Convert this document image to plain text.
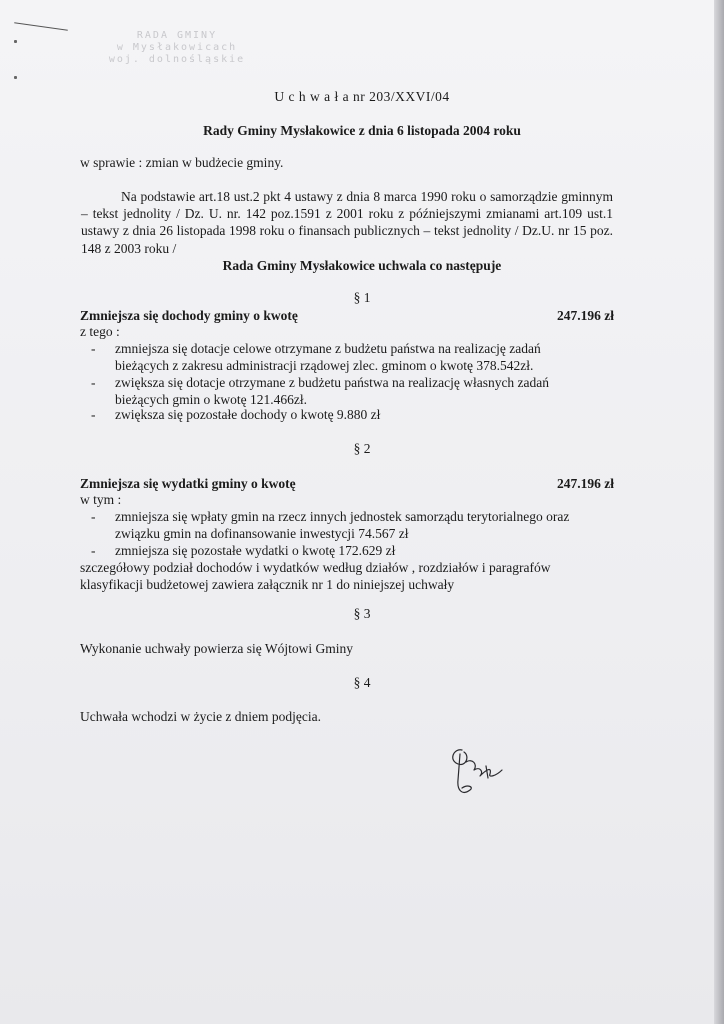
RADA GMINY
w Mysłakowicach
woj. dolnośląskie
U c h w a ł a nr 203/XXVI/04
Rady Gminy Mysłakowice z dnia 6 listopada 2004 roku
w sprawie : zmian w budżecie gminy.
Na podstawie art.18 ust.2 pkt 4 ustawy z dnia 8 marca 1990 roku o samorządzie gminnym – tekst jednolity / Dz. U. nr. 142 poz.1591 z 2001 roku z późniejszymi zmianami art.109 ust.1 ustawy z dnia 26 listopada 1998 roku o finansach publicznych – tekst jednolity / Dz.U. nr 15 poz. 148 z 2003 roku /
Rada Gminy Mysłakowice uchwala co następuje
§ 1
Zmniejsza się dochody gminy o kwotę	247.196 zł
z tego :
- zmniejsza się dotacje celowe otrzymane z budżetu państwa na realizację zadań bieżących z zakresu administracji rządowej zlec. gminom o kwotę 378.542zł.
- zwiększa się dotacje otrzymane z budżetu państwa na realizację własnych zadań bieżących gmin o kwotę 121.466zł.
- zwiększa się pozostałe dochody o kwotę 9.880 zł
§ 2
Zmniejsza się wydatki gminy o kwotę	247.196 zł
w tym :
- zmniejsza się wpłaty gmin na rzecz innych jednostek samorządu terytorialnego oraz związku gmin na dofinansowanie inwestycji 74.567 zł
- zmniejsza się pozostałe wydatki o kwotę 172.629 zł
szczegółowy podział dochodów i wydatków według działów , rozdziałów i paragrafów klasyfikacji budżetowej zawiera załącznik nr 1 do niniejszej uchwały
§ 3
Wykonanie uchwały powierza się Wójtowi Gminy
§ 4
Uchwała wchodzi w życie z dniem podjęcia.
